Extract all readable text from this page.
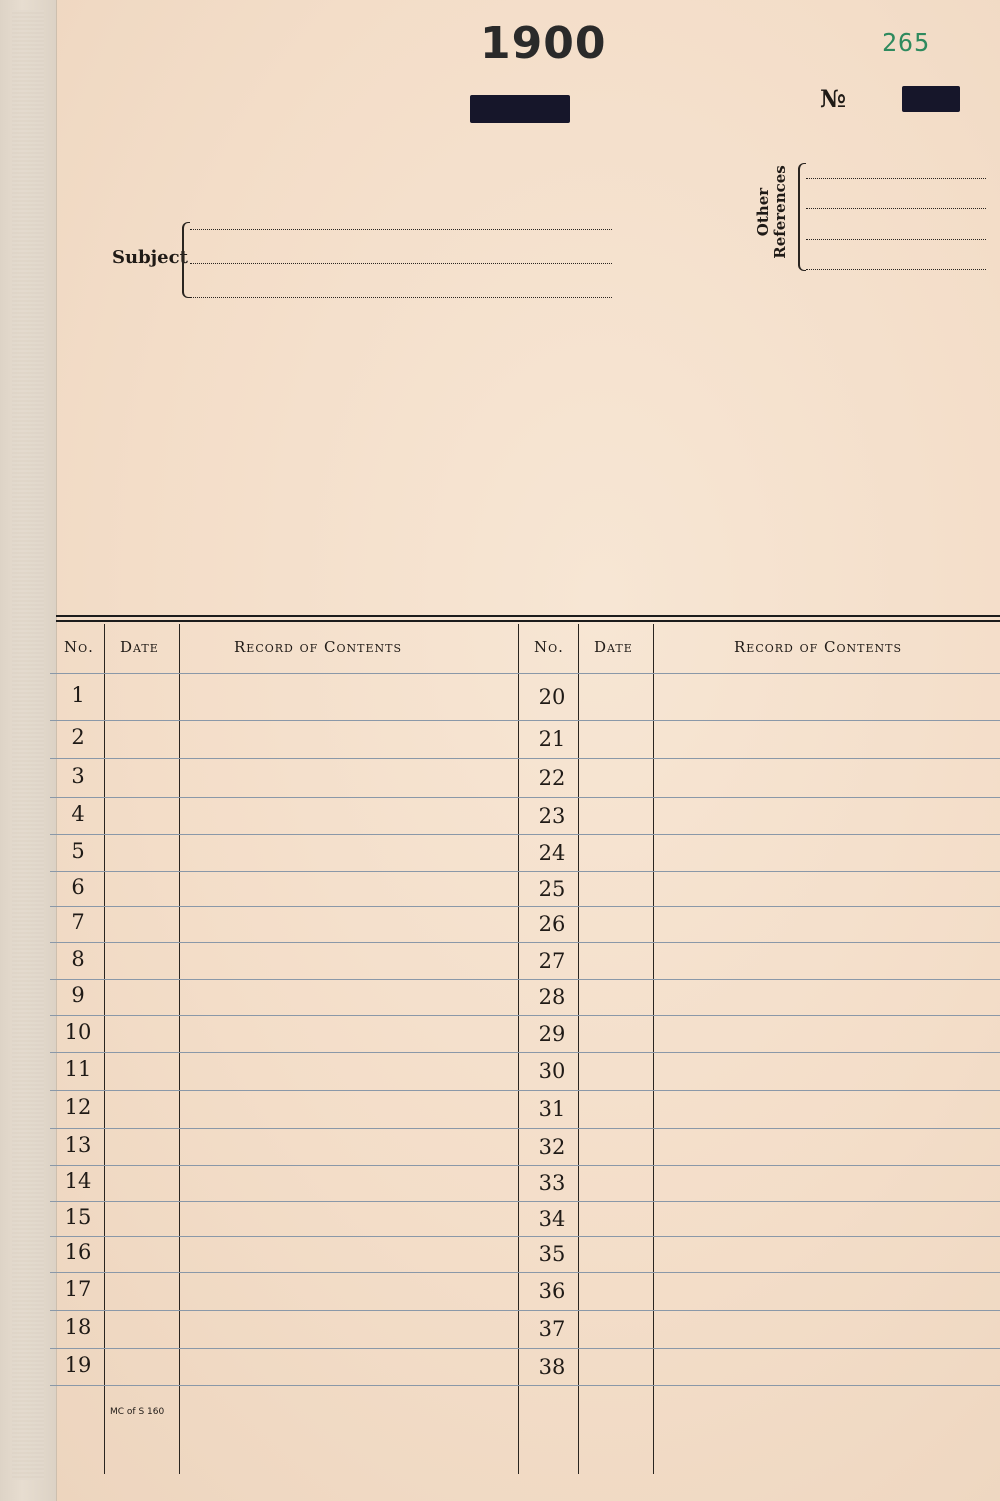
1900	265
№
Subject
Other References
No. Date	Record of Contents	No. Date	Record of Contents
1	20
2	21
3	22
4	23
5	24
6	25
7	26
8	27
9	28
10	29
11	30
12	31
13	32
14	33
15	34
16	35
17	36
18	37
19	38
MC of S 160
